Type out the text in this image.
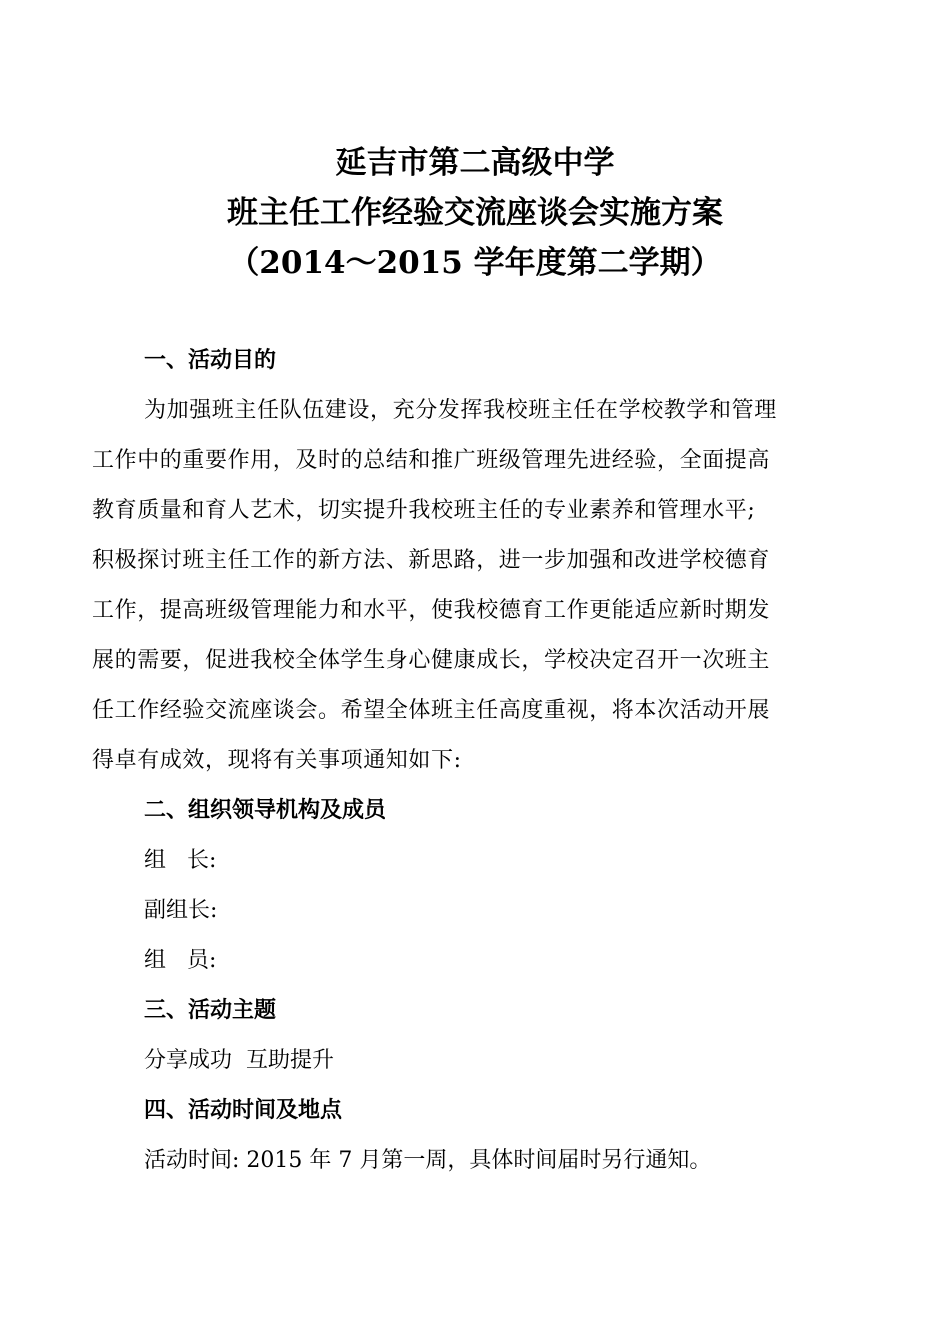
延吉市第二高级中学
班主任工作经验交流座谈会实施方案
（2014～2015 学年度第二学期）
一、活动目的
为加强班主任队伍建设，充分发挥我校班主任在学校教学和管理
工作中的重要作用，及时的总结和推广班级管理先进经验，全面提高
教育质量和育人艺术，切实提升我校班主任的专业素养和管理水平;
积极探讨班主任工作的新方法、新思路，进一步加强和改进学校德育
工作，提高班级管理能力和水平，使我校德育工作更能适应新时期发
展的需要，促进我校全体学生身心健康成长，学校决定召开一次班主
任工作经验交流座谈会。希望全体班主任高度重视，将本次活动开展
得卓有成效，现将有关事项通知如下:
二、组织领导机构及成员
组   长:
副组长:
组   员:
三、活动主题
分享成功  互助提升
四、活动时间及地点
活动时间: 2015 年 7 月第一周，具体时间届时另行通知。
